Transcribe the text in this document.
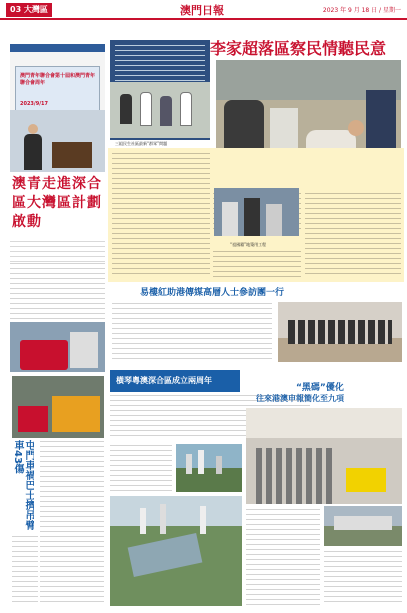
03 大灣區	澳門日報	2023 年 9 月 18 日 / 星期一
澳門青年聯合會第十屆和澳門青年聯合會周年
2023/9/17
澳青走進深合區大灣區計劃啟動
三組民生社區最新“群眾”問題
李家超落區察民情聽民意
“祖國籍”地築用工程
易樓紅助港傳媒高層人士參訪團一行
屯門車禍巴士擠吊臂車43傷
橫琴粵澳深合區成立兩周年
“黑碼”優化
往來港澳申報簡化至九項
